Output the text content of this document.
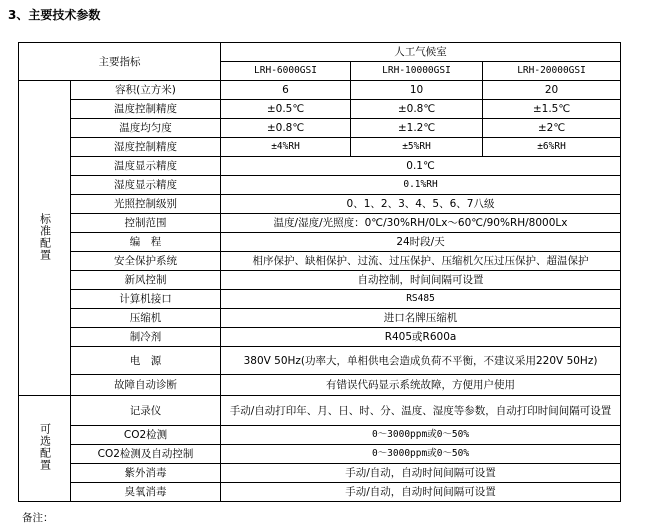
3、主要技术参数
主要指标		人工气候室		
		LRH-6000GSI	LRH-10000GSI	LRH-20000GSI
标准配置	容积(立方米)	6	10	20
	温度控制精度	±0.5℃	±0.8℃	±1.5℃
	温度均匀度	±0.8℃	±1.2℃	±2℃
	湿度控制精度	±4%RH	±5%RH	±6%RH
	温度显示精度	0.1℃		
	湿度显示精度	0.1%RH		
	光照控制级别	0、1、2、3、4、5、6、7八级		
	控制范围	温度/湿度/光照度：0℃/30%RH/0Lx～60℃/90%RH/8000Lx		
	编　程	24时段/天		
	安全保护系统	相序保护、缺相保护、过流、过压保护、压缩机欠压过压保护、超温保护		
	新风控制	自动控制，时间间隔可设置		
	计算机接口	RS485		
	压缩机	进口名牌压缩机		
	制冷剂	R405或R600a		
	电　源	380V 50Hz(功率大，单相供电会造成负荷不平衡，不建议采用220V 50Hz)		
	故障自动诊断	有错误代码显示系统故障，方便用户使用		
可选配置	记录仪	手动/自动打印年、月、日、时、分、温度、湿度等参数，自动打印时间间隔可设置		
	CO2检测	0～3000ppm或0～50%		
	CO2检测及自动控制	0～3000ppm或0～50%		
	紫外消毒	手动/自动，自动时间间隔可设置		
	臭氧消毒	手动/自动，自动时间间隔可设置		
备注：
